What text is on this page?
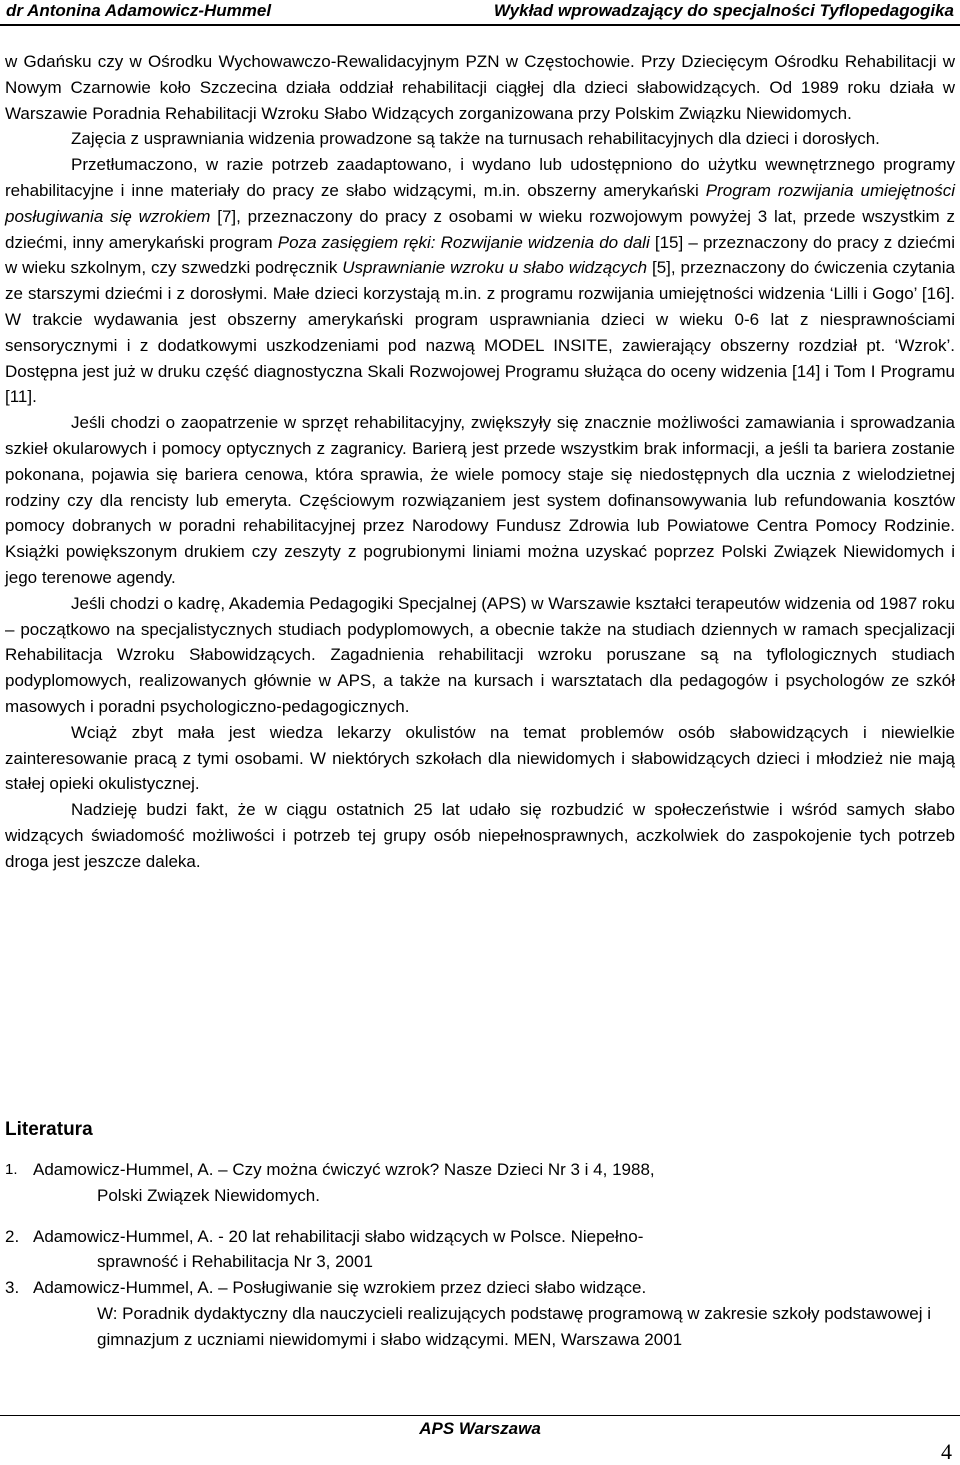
dr Antonina Adamowicz-Hummel	Wykład wprowadzający do specjalności Tyflopedagogika

w Gdańsku czy w Ośrodku Wychowawczo-Rewalidacyjnym PZN w Częstochowie. Przy Dziecięcym Ośrodku Rehabilitacji w Nowym Czarnowie koło Szczecina działa oddział rehabilitacji ciągłej dla dzieci słabowidzących. Od 1989 roku działa w Warszawie Poradnia Rehabilitacji Wzroku Słabo Widzących zorganizowana przy Polskim Związku Niewidomych.

Zajęcia z usprawniania widzenia prowadzone są także na turnusach rehabilitacyjnych dla dzieci i dorosłych.

Przetłumaczono, w razie potrzeb zaadaptowano, i wydano lub udostępniono do użytku wewnętrznego programy rehabilitacyjne i inne materiały do pracy ze słabo widzącymi, m.in. obszerny amerykański Program rozwijania umiejętności posługiwania się wzrokiem [7], przeznaczony do pracy z osobami w wieku rozwojowym powyżej 3 lat, przede wszystkim z dziećmi, inny amerykański program Poza zasięgiem ręki: Rozwijanie widzenia do dali [15] – przeznaczony do pracy z dziećmi w wieku szkolnym, czy szwedzki podręcznik Usprawnianie wzroku u słabo widzących [5], przeznaczony do ćwiczenia czytania ze starszymi dziećmi i z dorosłymi. Małe dzieci korzystają m.in. z programu rozwijania umiejętności widzenia ‘Lilli i Gogo’ [16]. W trakcie wydawania jest obszerny amerykański program usprawniania dzieci w wieku 0-6 lat z niesprawnościami sensorycznymi i z dodatkowymi uszkodzeniami pod nazwą MODEL INSITE, zawierający obszerny rozdział pt. ‘Wzrok’. Dostępna jest już w druku część diagnostyczna Skali Rozwojowej Programu służąca do oceny widzenia [14] i Tom I Programu [11].

Jeśli chodzi o zaopatrzenie w sprzęt rehabilitacyjny, zwiększyły się znacznie możliwości zamawiania i sprowadzania szkieł okularowych i pomocy optycznych z zagranicy. Barierą jest przede wszystkim brak informacji, a jeśli ta bariera zostanie pokonana, pojawia się bariera cenowa, która sprawia, że wiele pomocy staje się niedostępnych dla ucznia z wielodzietnej rodziny czy dla rencisty lub emeryta. Częściowym rozwiązaniem jest system dofinansowywania lub refundowania kosztów pomocy dobranych w poradni rehabilitacyjnej przez Narodowy Fundusz Zdrowia lub Powiatowe Centra Pomocy Rodzinie. Książki powiększonym drukiem czy zeszyty z pogrubionymi liniami można uzyskać poprzez Polski Związek Niewidomych i jego terenowe agendy.

Jeśli chodzi o kadrę, Akademia Pedagogiki Specjalnej (APS) w Warszawie kształci terapeutów widzenia od 1987 roku – początkowo na specjalistycznych studiach podyplomowych, a obecnie także na studiach dziennych w ramach specjalizacji Rehabilitacja Wzroku Słabowidzących. Zagadnienia rehabilitacji wzroku poruszane są na tyflologicznych studiach podyplomowych, realizowanych głównie w APS, a także na kursach i warsztatach dla pedagogów i psychologów ze szkół masowych i poradni psychologiczno-pedagogicznych.

Wciąż zbyt mała jest wiedza lekarzy okulistów na temat problemów osób słabowidzących i niewielkie zainteresowanie pracą z tymi osobami. W niektórych szkołach dla niewidomych i słabowidzących dzieci i młodzież nie mają stałej opieki okulistycznej.

Nadzieję budzi fakt, że w ciągu ostatnich 25 lat udało się rozbudzić w społeczeństwie i wśród samych słabo widzących świadomość możliwości i potrzeb tej grupy osób niepełnosprawnych, aczkolwiek do zaspokojenie tych potrzeb droga jest jeszcze daleka.

Literatura
1. Adamowicz-Hummel, A. – Czy można ćwiczyć wzrok? Nasze Dzieci Nr 3 i 4, 1988,
Polski Związek Niewidomych.
2. Adamowicz-Hummel, A. - 20 lat rehabilitacji słabo widzących w Polsce. Niepełno-
sprawność i Rehabilitacja Nr 3, 2001
3. Adamowicz-Hummel, A. – Posługiwanie się wzrokiem przez dzieci słabo widzące.
W: Poradnik dydaktyczny dla nauczycieli realizujących podstawę programową w zakresie szkoły podstawowej i gimnazjum z uczniami niewidomymi i słabo widzącymi. MEN, Warszawa 2001
APS Warszawa
4
